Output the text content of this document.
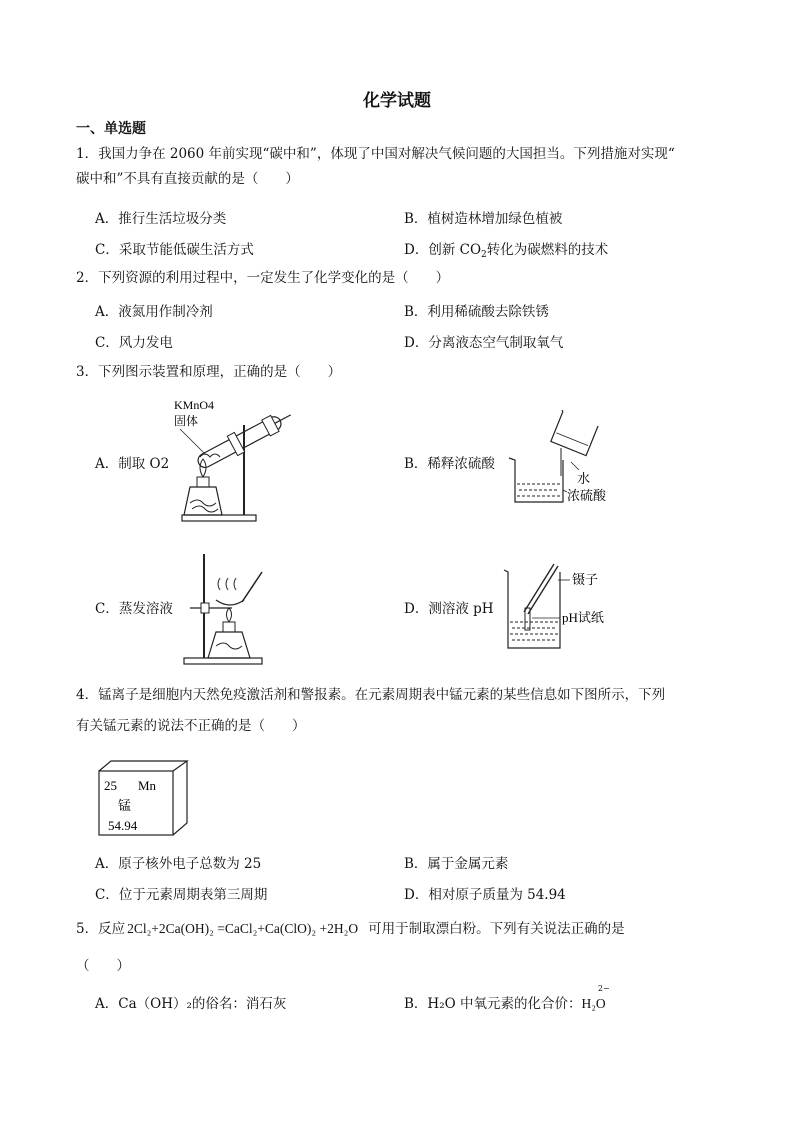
化学试题
一、单选题
1．我国力争在 2060 年前实现“碳中和”，体现了中国对解决气候问题的大国担当。下列措施对实现“
碳中和”不具有直接贡献的是（　　）
A．推行生活垃圾分类	B．植树造林增加绿色植被
C．采取节能低碳生活方式	D．创新 $CO_2$转化为碳燃料的技术
2．下列资源的利用过程中，一定发生了化学变化的是（　　）
A．液氮用作制冷剂	B．利用稀硫酸去除铁锈
C．风力发电	D．分离液态空气制取氧气
3．下列图示装置和原理，正确的是（　　）
A．制取 O2	B．稀释浓硫酸
C．蒸发溶液	D．测溶液 pH
KMnO4
固体
水
浓硫酸
镊子
pH试纸
4．锰离子是细胞内天然免疫激活剂和警报素。在元素周期表中锰元素的某些信息如下图所示，下列
有关锰元素的说法不正确的是（　　）
25 Mn
锰
54.94
A．原子核外电子总数为 25	B．属于金属元素
C．位于元素周期表第三周期	D．相对原子质量为 54.94
5．反应 2Cl₂+2Ca(OH)₂ =CaCl₂+Ca(ClO)₂ +2H₂O 可用于制取漂白粉。下列有关说法正确的是
（　　）
A．Ca（OH）₂的俗名：消石灰	B．H₂O 中氧元素的化合价：H₂O
2−
